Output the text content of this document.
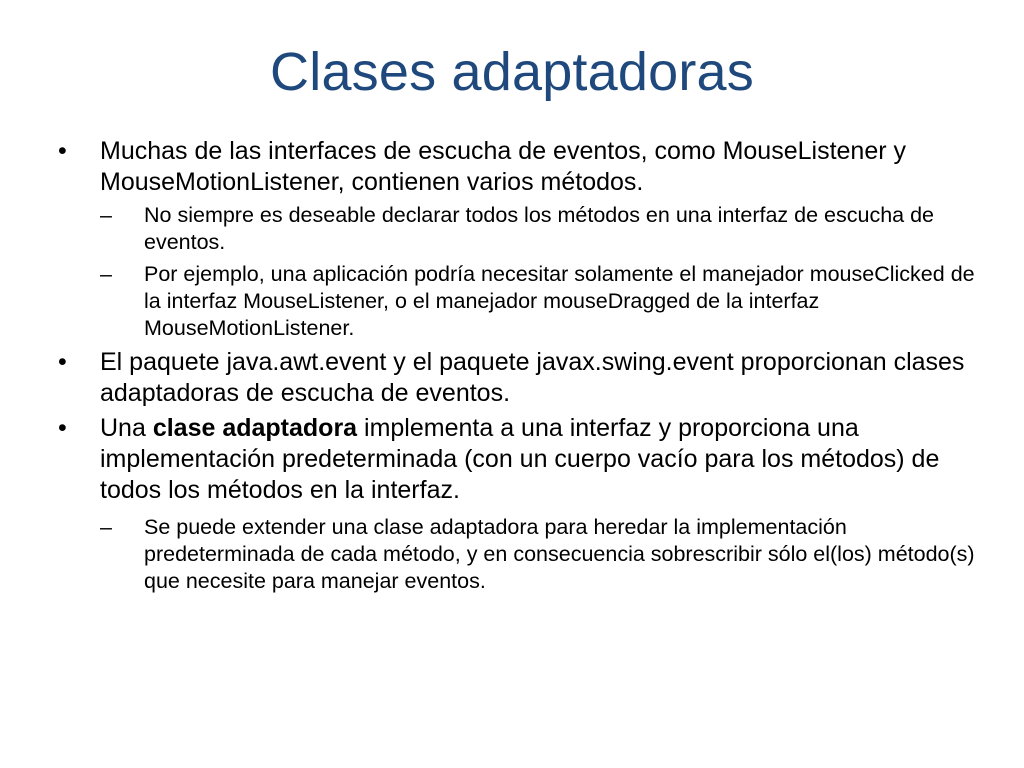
Clases adaptadoras
•	Muchas de las interfaces de escucha de eventos, como MouseListener y MouseMotionListener, contienen varios métodos.
–	No siempre es deseable declarar todos los métodos en una interfaz de escucha de eventos.
–	Por ejemplo, una aplicación podría necesitar solamente el manejador mouseClicked de la interfaz MouseListener, o el manejador mouseDragged de la interfaz MouseMotionListener.
•	El paquete java.awt.event y el paquete javax.swing.event proporcionan clases adaptadoras de escucha de eventos.
•	Una clase adaptadora implementa a una interfaz y proporciona una implementación predeterminada (con un cuerpo vacío para los métodos) de todos los métodos en la interfaz.
–	Se puede extender una clase adaptadora para heredar la implementación predeterminada de cada método, y en consecuencia sobrescribir sólo el(los) método(s) que necesite para manejar eventos.
